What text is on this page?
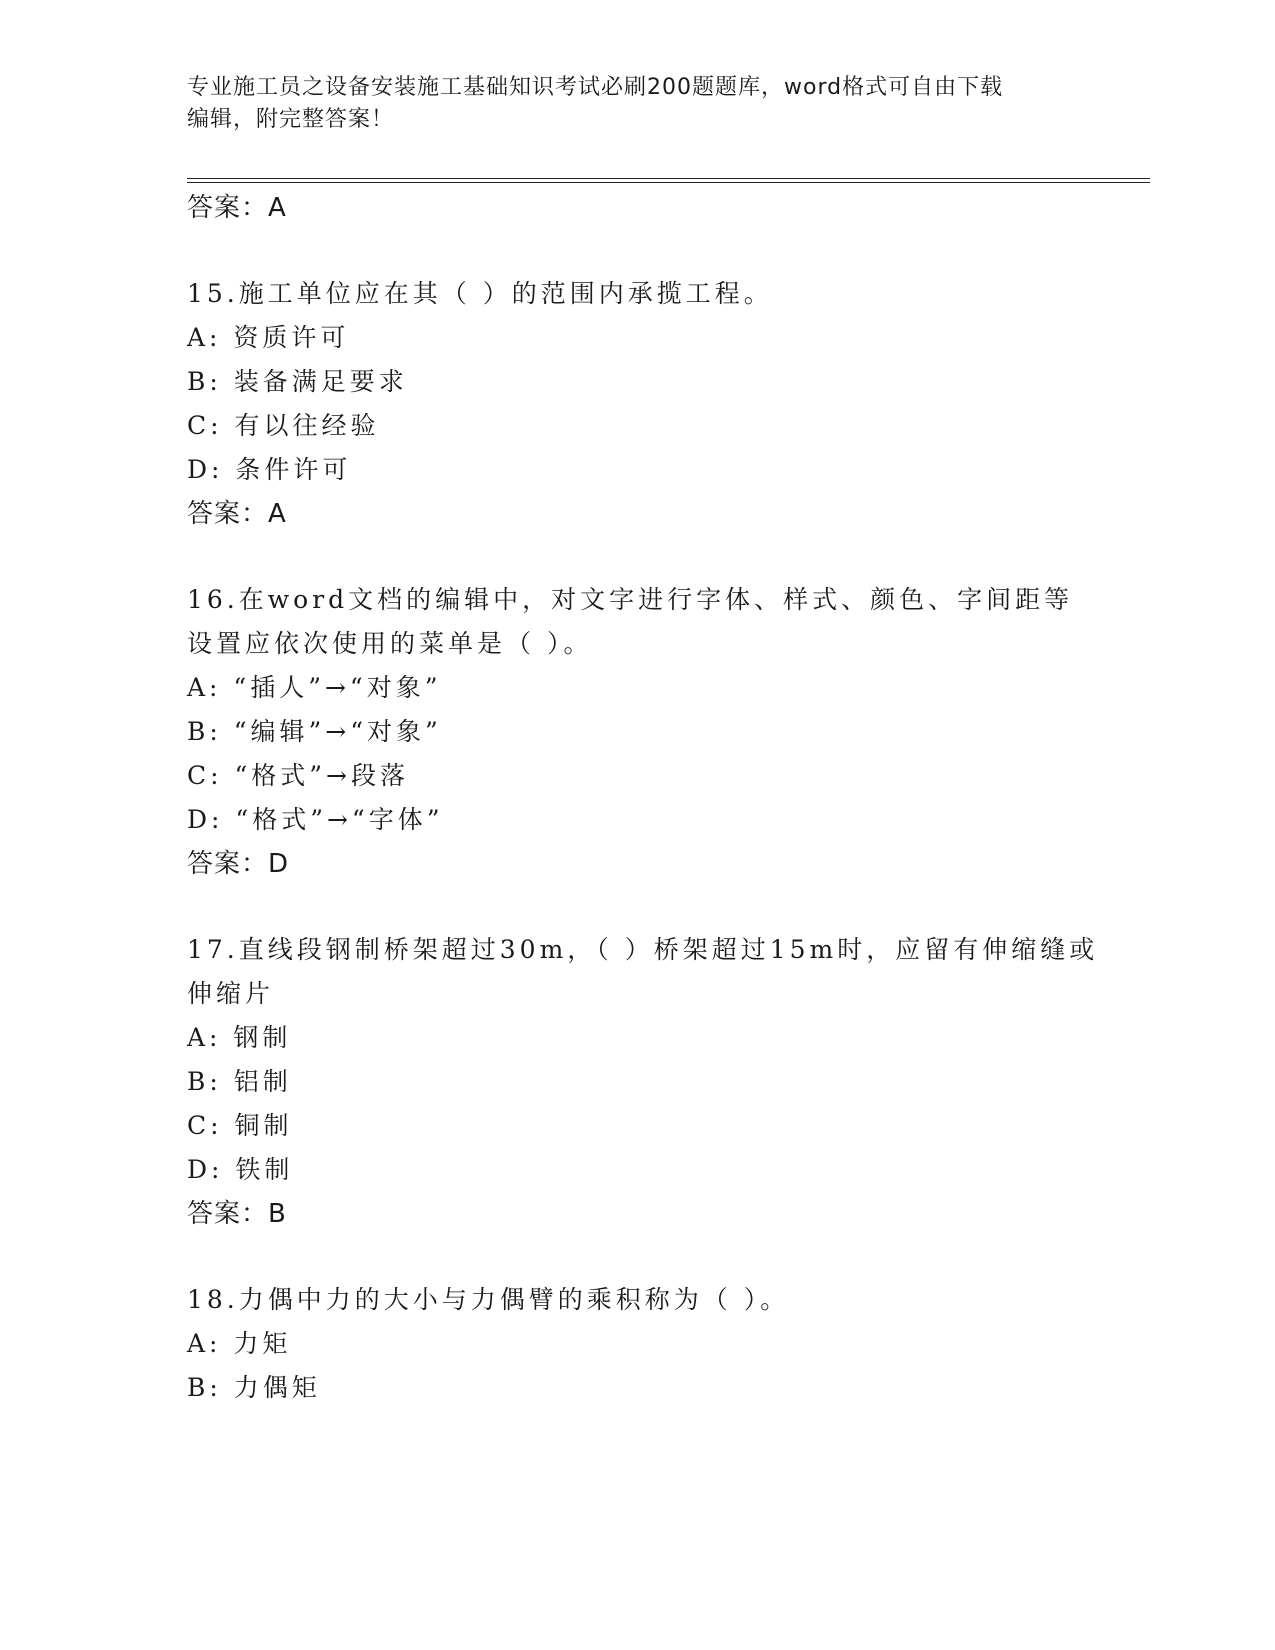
专业施工员之设备安装施工基础知识考试必刷200题题库，word格式可自由下载
编辑，附完整答案！
答案：A
15.施工单位应在其（ ）的范围内承揽工程。
A: 资质许可
B: 装备满足要求
C: 有以往经验
D: 条件许可
答案：A
16.在word文档的编辑中，对文字进行字体、样式、颜色、字间距等
设置应依次使用的菜单是（ ）。
A: “插人”→“对象”
B: “编辑”→“对象”
C: “格式”→段落
D: “格式”→“字体”
答案：D
17.直线段钢制桥架超过30m，（ ）桥架超过15m时，应留有伸缩缝或
伸缩片
A: 钢制
B: 铝制
C: 铜制
D: 铁制
答案：B
18.力偶中力的大小与力偶臂的乘积称为（ ）。
A: 力矩
B: 力偶矩
